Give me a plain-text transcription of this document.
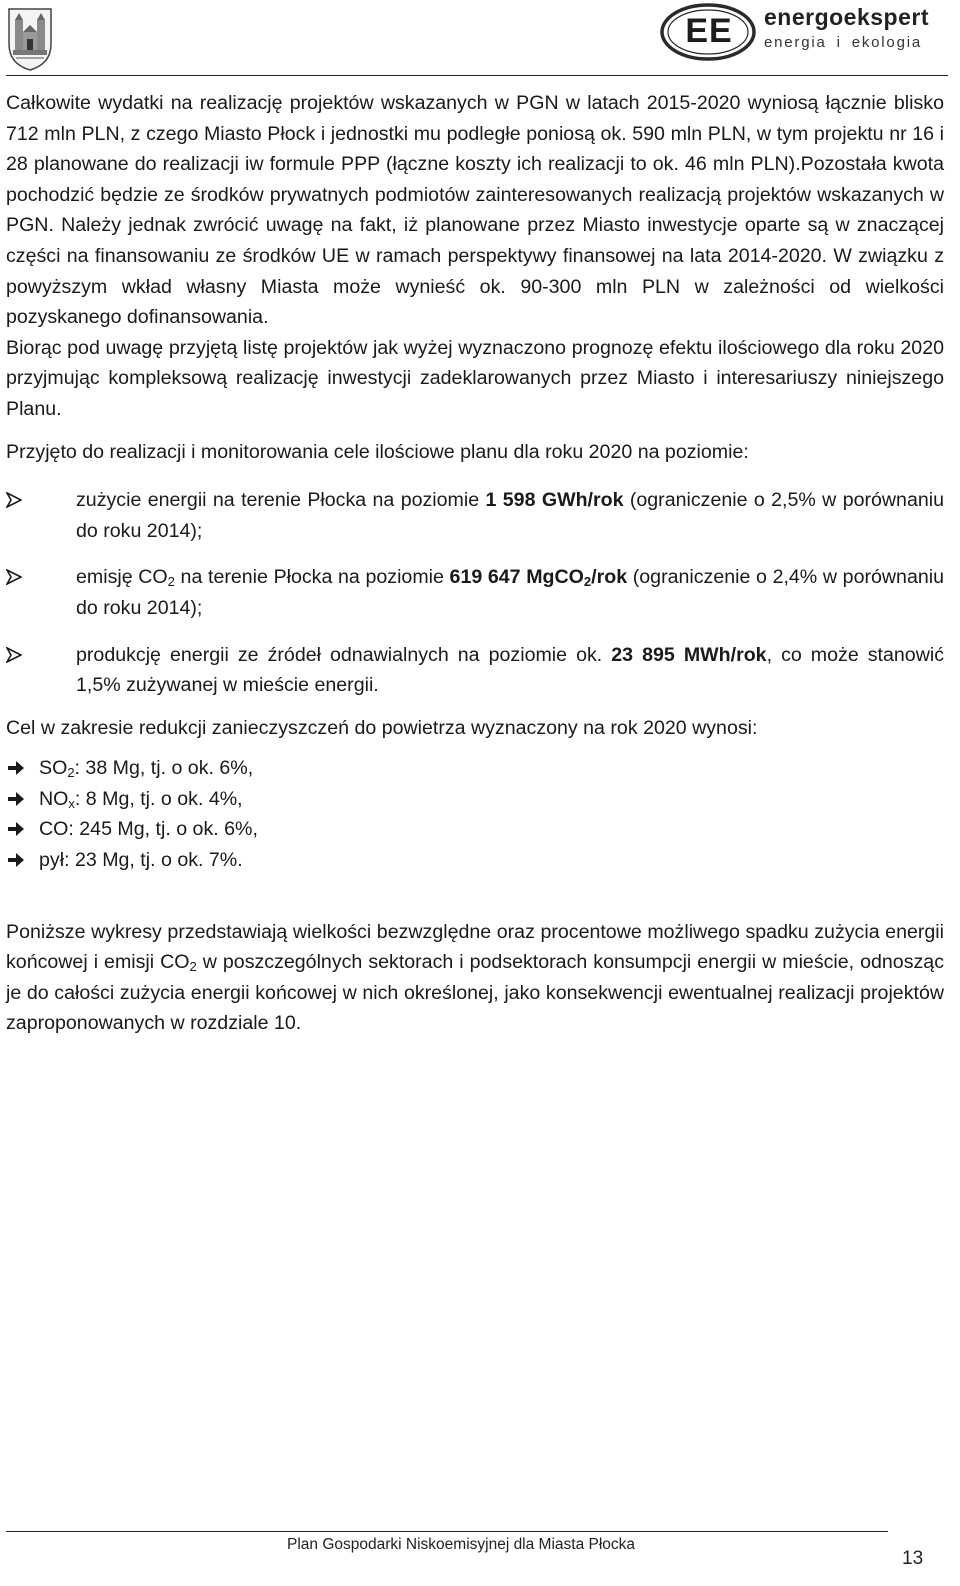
EE	energoekspert
energia i ekologia

Całkowite wydatki na realizację projektów wskazanych w PGN w latach 2015-2020 wyniosą łącznie blisko 712 mln PLN, z czego Miasto Płock i jednostki mu podległe poniosą ok. 590 mln PLN, w tym projektu nr 16 i 28 planowane do realizacji iw formule PPP (łączne koszty ich realizacji to ok. 46 mln PLN).Pozostała kwota pochodzić będzie ze środków prywatnych podmiotów zainteresowanych realizacją projektów wskazanych w PGN. Należy jednak zwrócić uwagę na fakt, iż planowane przez Miasto inwestycje oparte są w znaczącej części na finansowaniu ze środków UE w ramach perspektywy finansowej na lata 2014-2020. W związku z powyższym wkład własny Miasta może wynieść ok. 90-300 mln PLN w zależności od wielkości pozyskanego dofinansowania.

Biorąc pod uwagę przyjętą listę projektów jak wyżej wyznaczono prognozę efektu ilościowego dla roku 2020 przyjmując kompleksową realizację inwestycji zadeklarowanych przez Miasto i interesariuszy niniejszego Planu.

Przyjęto do realizacji i monitorowania cele ilościowe planu dla roku 2020 na poziomie:

zużycie energii na terenie Płocka na poziomie 1 598 GWh/rok (ograniczenie o 2,5% w porównaniu do roku 2014);
emisję $CO_2$ na terenie Płocka na poziomie 619 647 MgCO$_2$/rok (ograniczenie o 2,4% w porównaniu do roku 2014);
produkcję energii ze źródeł odnawialnych na poziomie ok. 23 895 MWh/rok, co może stanowić 1,5% zużywanej w mieście energii.

Cel w zakresie redukcji zanieczyszczeń do powietrza wyznaczony na rok 2020 wynosi:

$SO_2$: 38 Mg, tj. o ok. 6%,
$NO_x$: 8 Mg, tj. o ok. 4%,
CO: 245 Mg, tj. o ok. 6%,
pył: 23 Mg, tj. o ok. 7%.

Poniższe wykresy przedstawiają wielkości bezwzględne oraz procentowe możliwego spadku zużycia energii końcowej i emisji $CO_2$ w poszczególnych sektorach i podsektorach konsumpcji energii w mieście, odnosząc je do całości zużycia energii końcowej w nich określonej, jako konsekwencji ewentualnej realizacji projektów zaproponowanych w rozdziale 10.

Plan Gospodarki Niskoemisyjnej dla Miasta Płocka
13
